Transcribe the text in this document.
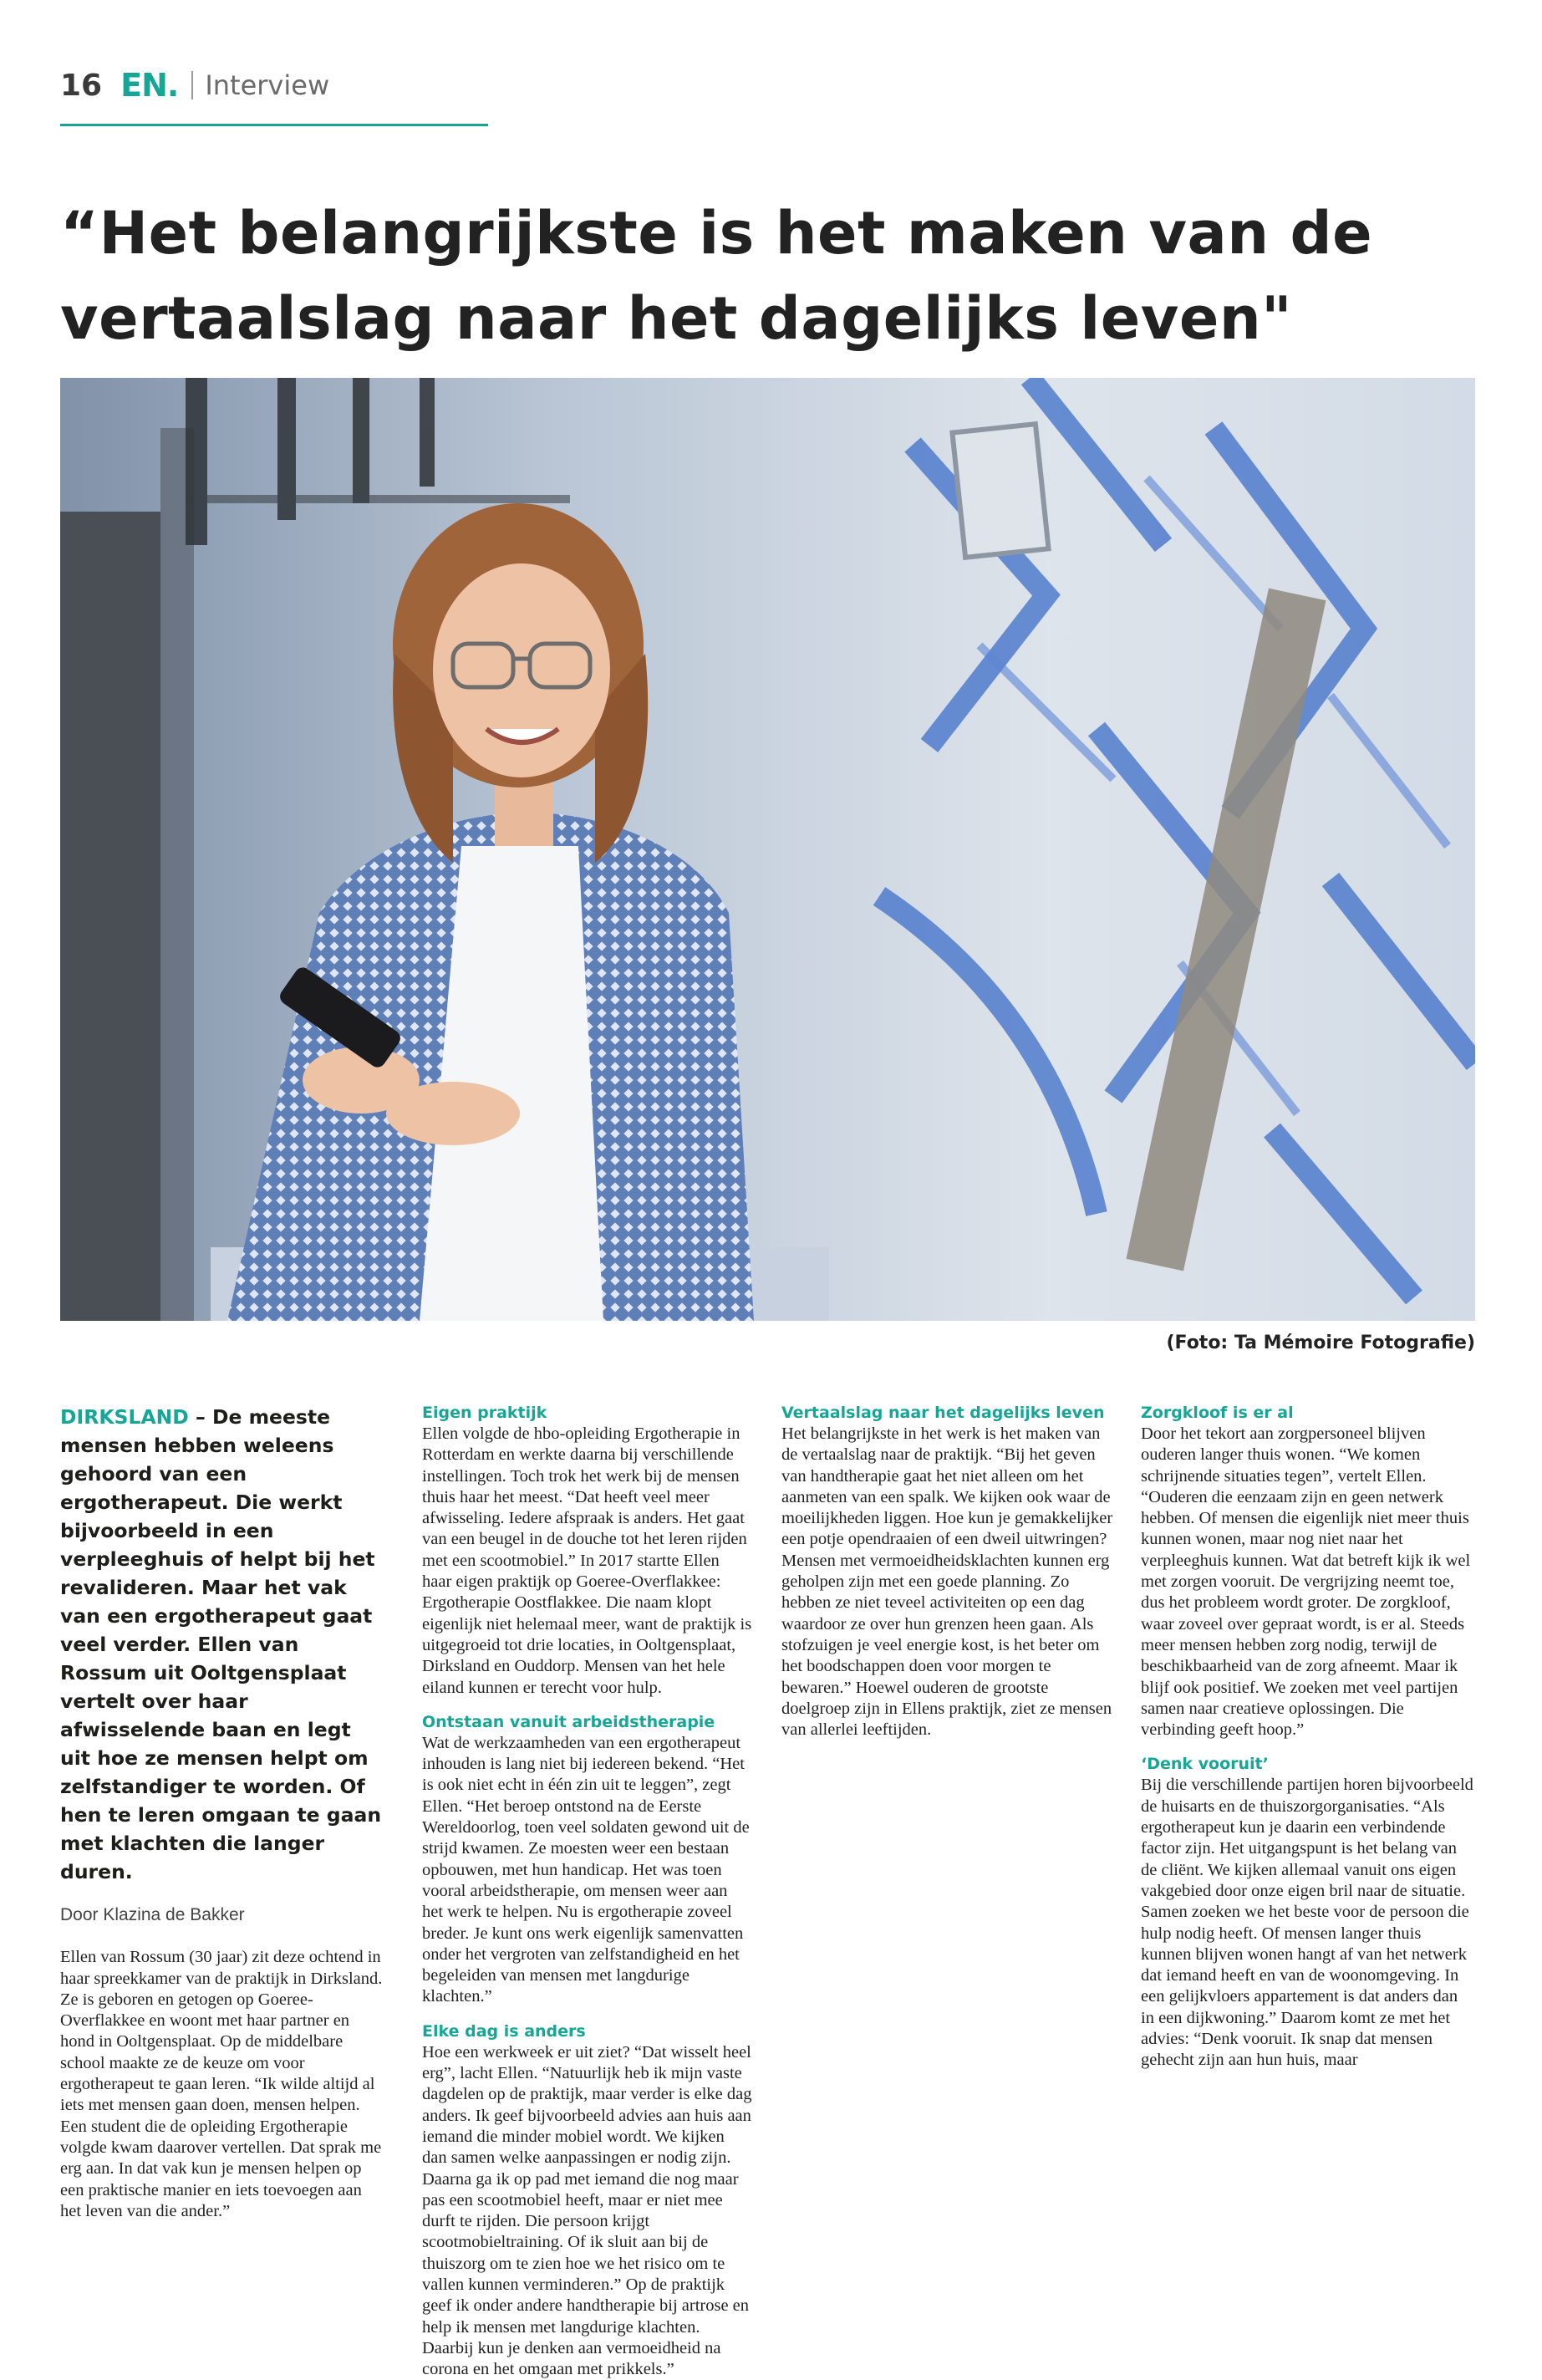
16 EN. Interview
“Het belangrijkste is het maken van de vertaalslag naar het dagelijks leven"
(Foto: Ta Mémoire Fotografie)

DIRKSLAND – De meeste mensen hebben weleens gehoord van een ergotherapeut. Die werkt bijvoorbeeld in een verpleeghuis of helpt bij het revalideren. Maar het vak van een ergotherapeut gaat veel verder. Ellen van Rossum uit Ooltgensplaat vertelt over haar afwisselende baan en legt uit hoe ze mensen helpt om zelfstandiger te worden. Of hen te leren omgaan te gaan met klachten die langer duren.

Door Klazina de Bakker

Ellen van Rossum (30 jaar) zit deze ochtend in haar spreekkamer van de praktijk in Dirksland. Ze is geboren en getogen op Goeree-Overflakkee en woont met haar partner en hond in Ooltgensplaat. Op de middelbare school maakte ze de keuze om voor ergotherapeut te gaan leren. “Ik wilde altijd al iets met mensen gaan doen, mensen helpen. Een student die de opleiding Ergotherapie volgde kwam daarover vertellen. Dat sprak me erg aan. In dat vak kun je mensen helpen op een praktische manier en iets toevoegen aan het leven van die ander.”

Eigen praktijk

Ellen volgde de hbo-opleiding Ergotherapie in Rotterdam en werkte daarna bij verschillende instellingen. Toch trok het werk bij de mensen thuis haar het meest. “Dat heeft veel meer afwisseling. Iedere afspraak is anders. Het gaat van een beugel in de douche tot het leren rijden met een scootmobiel.” In 2017 startte Ellen haar eigen praktijk op Goeree-Overflakkee: Ergotherapie Oostflakkee. Die naam klopt eigenlijk niet helemaal meer, want de praktijk is uitgegroeid tot drie locaties, in Ooltgensplaat, Dirksland en Ouddorp. Mensen van het hele eiland kunnen er terecht voor hulp.

Ontstaan vanuit arbeidstherapie

Wat de werkzaamheden van een ergotherapeut inhouden is lang niet bij iedereen bekend. “Het is ook niet echt in één zin uit te leggen”, zegt Ellen. “Het beroep ontstond na de Eerste Wereldoorlog, toen veel soldaten gewond uit de strijd kwamen. Ze moesten weer een bestaan opbouwen, met hun handicap. Het was toen vooral arbeidstherapie, om mensen weer aan het werk te helpen. Nu is ergotherapie zoveel breder. Je kunt ons werk eigenlijk samenvatten onder het vergroten van zelfstandigheid en het begeleiden van mensen met langdurige klachten.”

Elke dag is anders

Hoe een werkweek er uit ziet? “Dat wisselt heel erg”, lacht Ellen. “Natuurlijk heb ik mijn vaste dagdelen op de praktijk, maar verder is elke dag anders. Ik geef bijvoorbeeld advies aan huis aan iemand die minder mobiel wordt. We kijken dan samen welke aanpassingen er nodig zijn. Daarna ga ik op pad met iemand die nog maar pas een scootmobiel heeft, maar er niet mee durft te rijden. Die persoon krijgt scootmobieltraining. Of ik sluit aan bij de thuiszorg om te zien hoe we het risico om te vallen kunnen verminderen.” Op de praktijk geef ik onder andere handtherapie bij artrose en help ik mensen met langdurige klachten. Daarbij kun je denken aan vermoeidheid na corona en het omgaan met prikkels.”

Vertaalslag naar het dagelijks leven

Het belangrijkste in het werk is het maken van de vertaalslag naar de praktijk. “Bij het geven van handtherapie gaat het niet alleen om het aanmeten van een spalk. We kijken ook waar de moeilijkheden liggen. Hoe kun je gemakkelijker een potje opendraaien of een dweil uitwringen? Mensen met vermoeidheidsklachten kunnen erg geholpen zijn met een goede planning. Zo hebben ze niet teveel activiteiten op een dag waardoor ze over hun grenzen heen gaan. Als stofzuigen je veel energie kost, is het beter om het boodschappen doen voor morgen te bewaren.” Hoewel ouderen de grootste doelgroep zijn in Ellens praktijk, ziet ze mensen van allerlei leeftijden.

Zorgkloof is er al

Door het tekort aan zorgpersoneel blijven ouderen langer thuis wonen. “We komen schrijnende situaties tegen”, vertelt Ellen. “Ouderen die eenzaam zijn en geen netwerk hebben. Of mensen die eigenlijk niet meer thuis kunnen wonen, maar nog niet naar het verpleeghuis kunnen. Wat dat betreft kijk ik wel met zorgen vooruit. De vergrijzing neemt toe, dus het probleem wordt groter. De zorgkloof, waar zoveel over gepraat wordt, is er al. Steeds meer mensen hebben zorg nodig, terwijl de beschikbaarheid van de zorg afneemt. Maar ik blijf ook positief. We zoeken met veel partijen samen naar creatieve oplossingen. Die verbinding geeft hoop.”

‘Denk vooruit’

Bij die verschillende partijen horen bijvoorbeeld de huisarts en de thuiszorgorganisaties. “Als ergotherapeut kun je daarin een verbindende factor zijn. Het uitgangspunt is het belang van de cliënt. We kijken allemaal vanuit ons eigen vakgebied door onze eigen bril naar de situatie. Samen zoeken we het beste voor de persoon die hulp nodig heeft. Of mensen langer thuis kunnen blijven wonen hangt af van het netwerk dat iemand heeft en van de woonomgeving. In een gelijkvloers appartement is dat anders dan in een dijkwoning.” Daarom komt ze met het advies: “Denk vooruit. Ik snap dat mensen gehecht zijn aan hun huis, maar
